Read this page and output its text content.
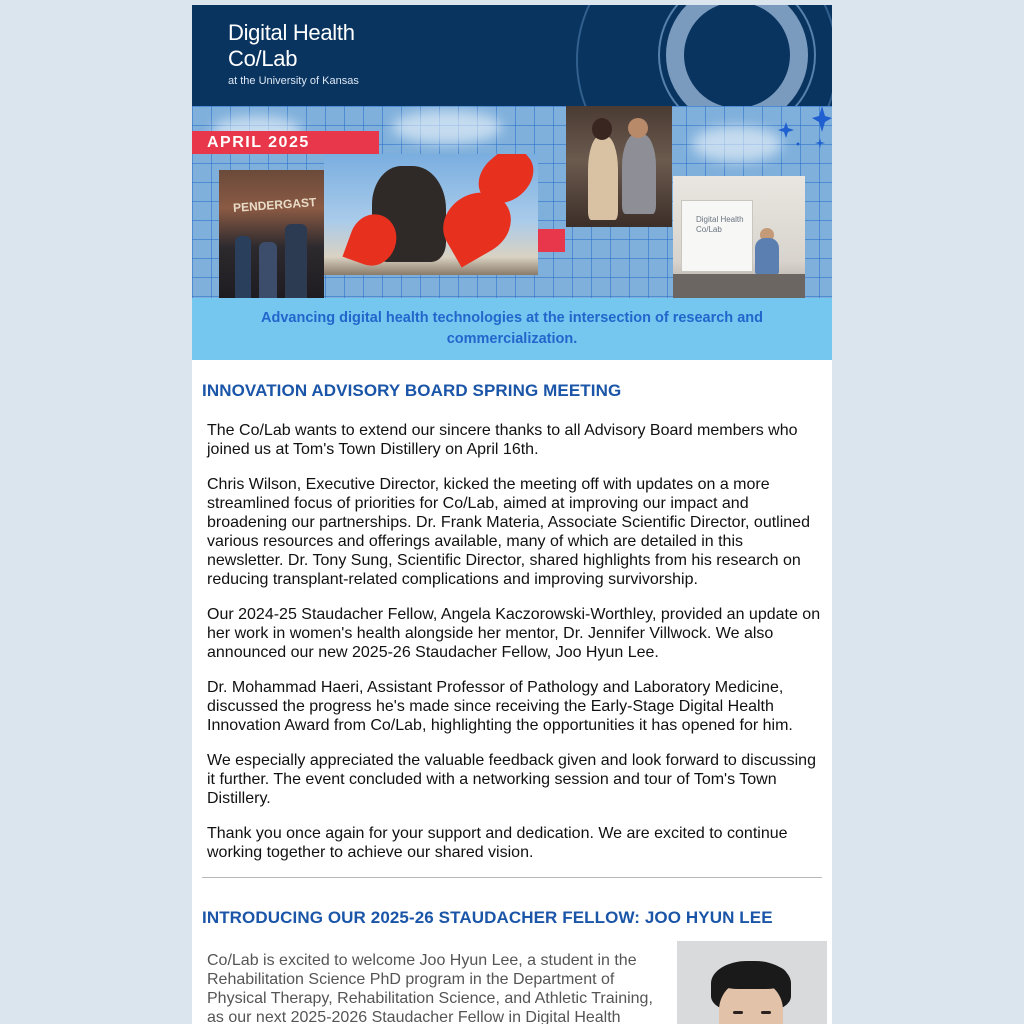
Digital Health
Co/Lab
at the University of Kansas
APRIL 2025
PENDERGAST
Digital Health Co/Lab
Advancing digital health technologies at the intersection of research and commercialization.
INNOVATION ADVISORY BOARD SPRING MEETING
The Co/Lab wants to extend our sincere thanks to all Advisory Board members who joined us at Tom's Town Distillery on April 16th.
Chris Wilson, Executive Director, kicked the meeting off with updates on a more streamlined focus of priorities for Co/Lab, aimed at improving our impact and broadening our partnerships. Dr. Frank Materia, Associate Scientific Director, outlined various resources and offerings available, many of which are detailed in this newsletter. Dr. Tony Sung, Scientific Director, shared highlights from his research on reducing transplant-related complications and improving survivorship.
Our 2024-25 Staudacher Fellow, Angela Kaczorowski-Worthley, provided an update on her work in women's health alongside her mentor, Dr. Jennifer Villwock. We also announced our new 2025-26 Staudacher Fellow, Joo Hyun Lee.
Dr. Mohammad Haeri, Assistant Professor of Pathology and Laboratory Medicine, discussed the progress he's made since receiving the Early-Stage Digital Health Innovation Award from Co/Lab, highlighting the opportunities it has opened for him.
We especially appreciated the valuable feedback given and look forward to discussing it further. The event concluded with a networking session and tour of Tom's Town Distillery.
Thank you once again for your support and dedication. We are excited to continue working together to achieve our shared vision.
INTRODUCING OUR 2025-26 STAUDACHER FELLOW: JOO HYUN LEE
Co/Lab is excited to welcome Joo Hyun Lee, a student in the Rehabilitation Science PhD program in the Department of Physical Therapy, Rehabilitation Science, and Athletic Training, as our next 2025-2026 Staudacher Fellow in Digital Health
